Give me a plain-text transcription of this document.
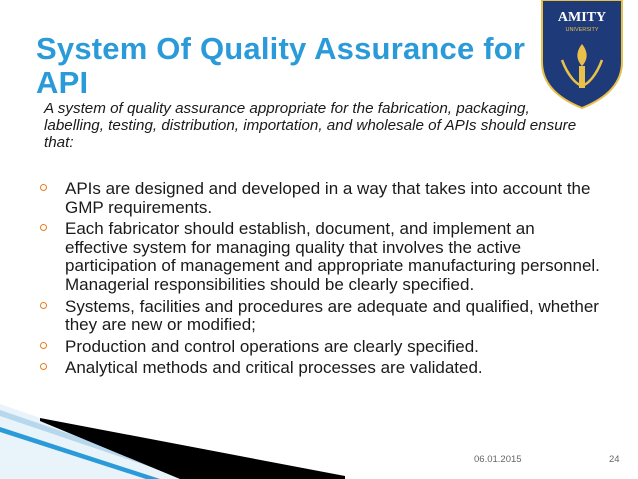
System Of Quality Assurance for API

A system of quality assurance appropriate for the fabrication, packaging, labelling, testing, distribution, importation, and wholesale of APIs should ensure that:

APIs are designed and developed in a way that takes into account the GMP requirements.
Each fabricator should establish, document, and implement an effective system for managing quality that involves the active participation of management and appropriate manufacturing personnel. Managerial responsibilities should be clearly specified.
Systems, facilities and procedures are adequate and qualified, whether they are new or modified;
Production and control operations are clearly specified.
Analytical methods and critical processes are validated.
AMITY
UNIVERSITY
06.01.2015	24
